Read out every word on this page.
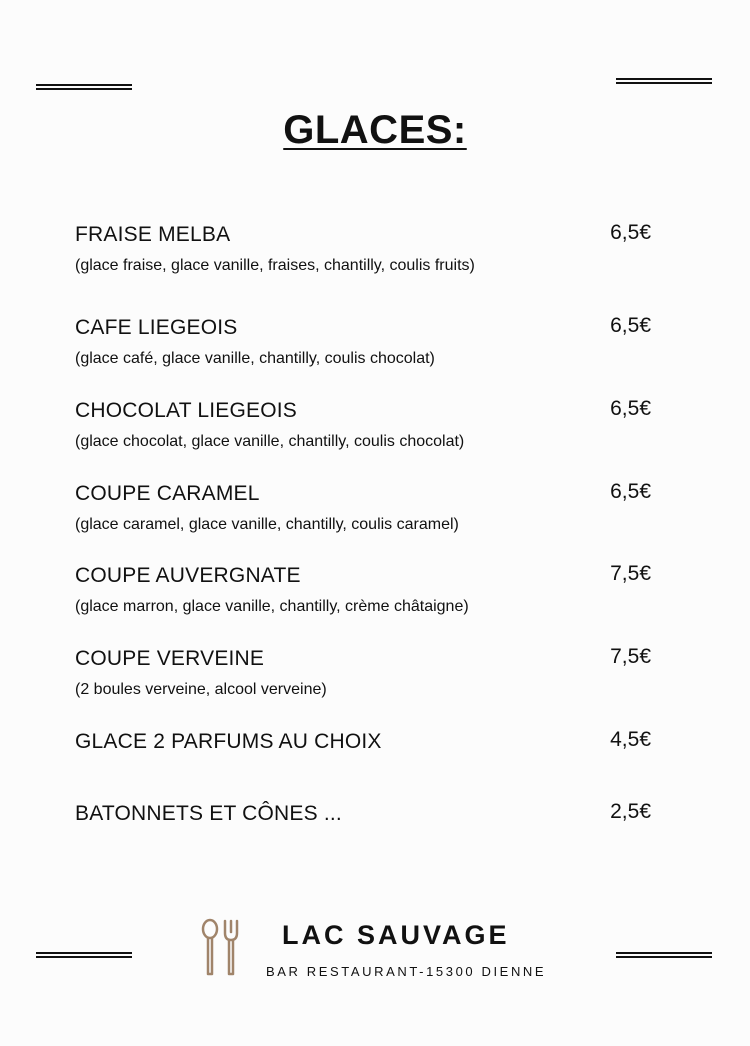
GLACES:
FRAISE MELBA
(glace fraise, glace vanille, fraises, chantilly, coulis fruits)
6,5€
CAFE LIEGEOIS
(glace café, glace vanille, chantilly, coulis chocolat)
6,5€
CHOCOLAT LIEGEOIS
(glace chocolat, glace vanille, chantilly, coulis chocolat)
6,5€
COUPE CARAMEL
(glace caramel, glace vanille, chantilly, coulis caramel)
6,5€
COUPE AUVERGNATE
(glace marron, glace vanille, chantilly, crème châtaigne)
7,5€
COUPE VERVEINE
(2 boules verveine, alcool verveine)
7,5€
GLACE 2 PARFUMS AU CHOIX	4,5€
BATONNETS ET CÔNES ...	2,5€
LAC SAUVAGE
BAR RESTAURANT-15300 DIENNE
